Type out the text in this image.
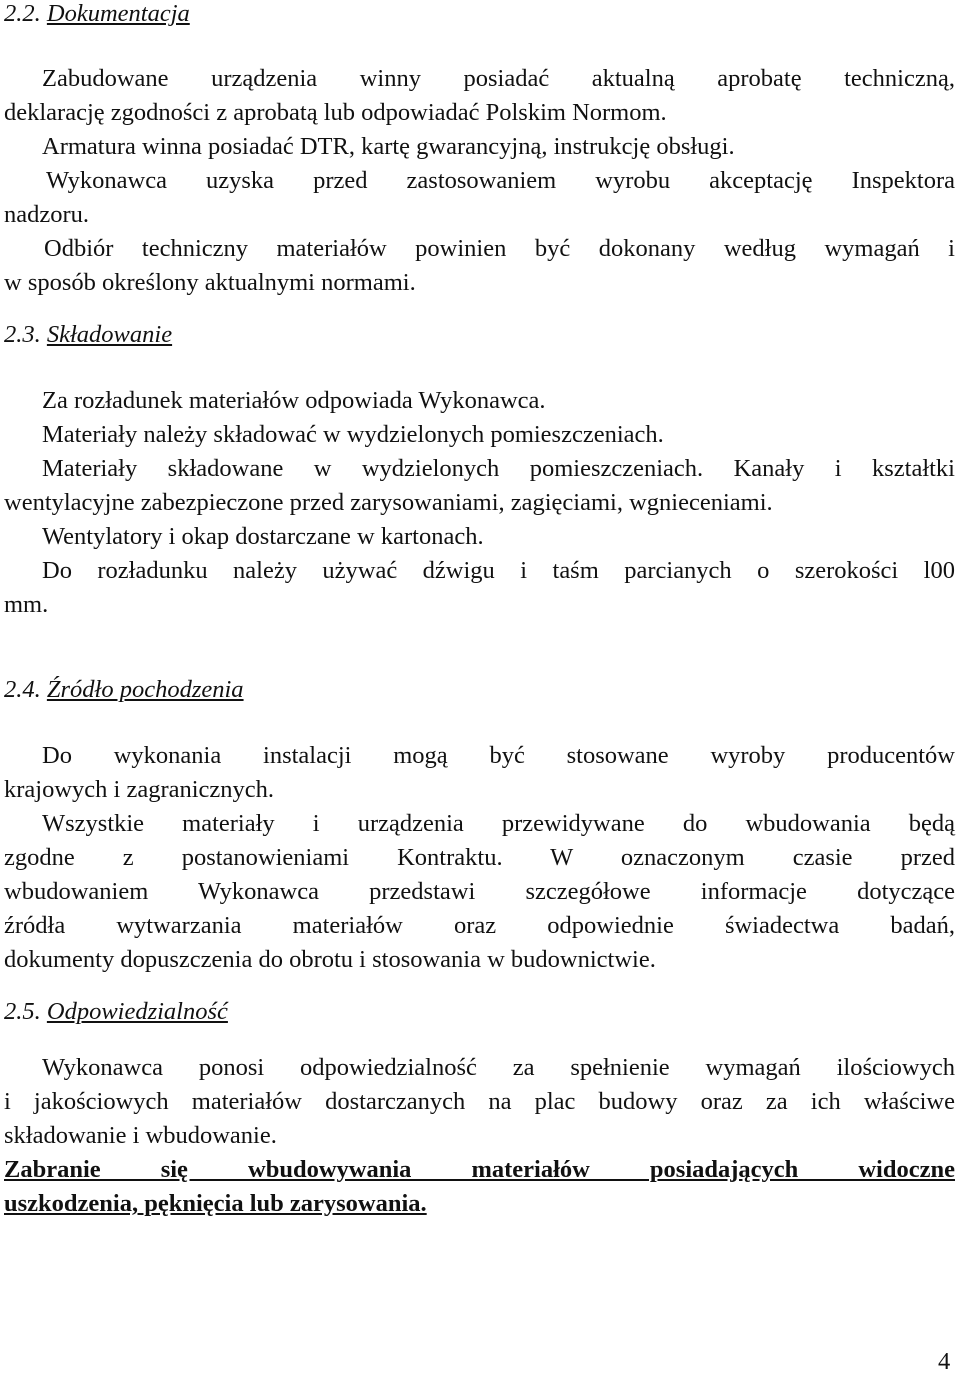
2.2. Dokumentacja
Zabudowane urządzenia winny posiadać aktualną aprobatę techniczną,
deklarację zgodności z aprobatą lub odpowiadać Polskim Normom.
Armatura winna posiadać DTR, kartę gwarancyjną, instrukcję obsługi.
Wykonawca uzyska przed zastosowaniem wyrobu akceptację Inspektora
nadzoru.
Odbiór techniczny materiałów powinien być dokonany według wymagań i
w sposób określony aktualnymi normami.
2.3. Składowanie
Za rozładunek materiałów odpowiada Wykonawca.
Materiały należy składować w wydzielonych pomieszczeniach.
Materiały składowane w wydzielonych pomieszczeniach. Kanały i kształtki
wentylacyjne zabezpieczone przed zarysowaniami, zagięciami, wgnieceniami.
Wentylatory i okap dostarczane w kartonach.
Do rozładunku należy używać dźwigu i taśm parcianych o szerokości l00
mm.
2.4. Źródło pochodzenia
Do wykonania instalacji mogą być stosowane wyroby producentów
krajowych i zagranicznych.
Wszystkie materiały i urządzenia przewidywane do wbudowania będą
zgodne z postanowieniami Kontraktu. W oznaczonym czasie przed
wbudowaniem Wykonawca przedstawi szczegółowe informacje dotyczące
źródła wytwarzania materiałów oraz odpowiednie świadectwa badań,
dokumenty dopuszczenia do obrotu i stosowania w budownictwie.
2.5. Odpowiedzialność
Wykonawca ponosi odpowiedzialność za spełnienie wymagań ilościowych
i jakościowych materiałów dostarczanych na plac budowy oraz za ich właściwe
składowanie i wbudowanie.
Zabranie się wbudowywania materiałów posiadających widoczne
uszkodzenia, pęknięcia lub zarysowania.
4
